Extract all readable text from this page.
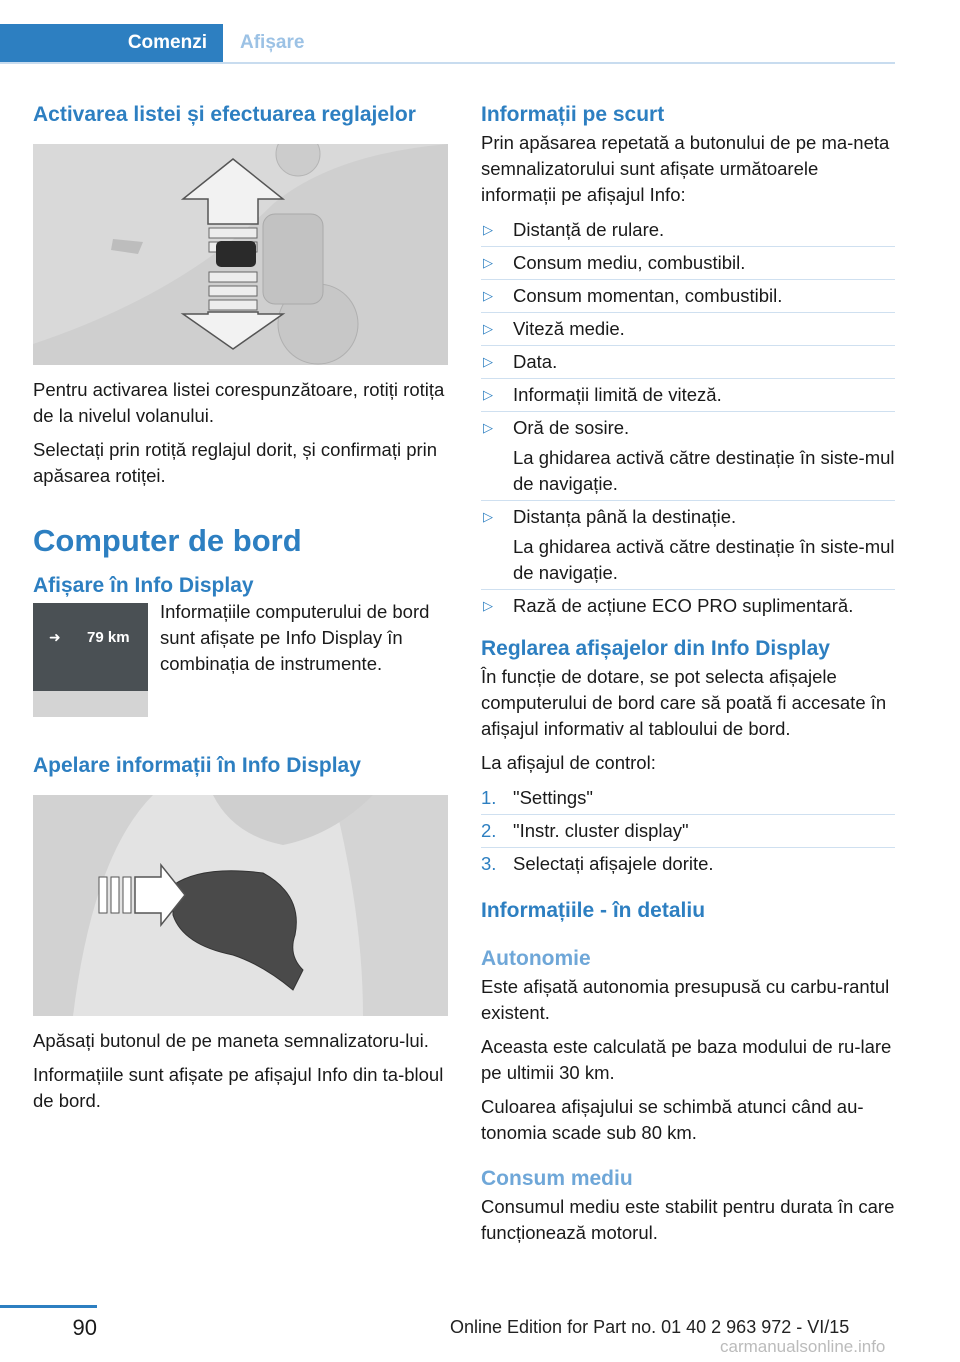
Comenzi Afișare
Activarea listei și efectuarea reglajelor

Pentru activarea listei corespunzătoare, rotiți rotița de la nivelul volanului.

Selectați prin rotiță reglajul dorit, și confirmați prin apăsarea rotiței.

Computer de bord
Afișare în Info Display
➜ 79 km

Informațiile computerului de bord sunt afișate pe Info Display în combinația de instrumente.

Apelare informații în Info Display

Apăsați butonul de pe maneta semnalizatoru-lui.

Informațiile sunt afișate pe afișajul Info din ta-bloul de bord.

Informații pe scurt

Prin apăsarea repetată a butonului de pe ma-neta semnalizatorului sunt afișate următoarele informații pe afișajul Info:

▷ Distanță de rulare.
▷ Consum mediu, combustibil.
▷ Consum momentan, combustibil.
▷ Viteză medie.
▷ Data.
▷ Informații limită de viteză.
▷ Oră de sosire.
La ghidarea activă către destinație în siste-mul de navigație.
▷ Distanța până la destinație.
La ghidarea activă către destinație în siste-mul de navigație.
▷ Rază de acțiune ECO PRO suplimentară.
Reglarea afișajelor din Info Display

În funcție de dotare, se pot selecta afișajele computerului de bord care să poată fi accesate în afișajul informativ al tabloului de bord.

La afișajul de control:

1. "Settings"
2. "Instr. cluster display"
3. Selectați afișajele dorite.
Informațiile - în detaliu
Autonomie

Este afișată autonomia presupusă cu carbu-rantul existent.

Aceasta este calculată pe baza modului de ru-lare pe ultimii 30 km.

Culoarea afișajului se schimbă atunci când au-tonomia scade sub 80 km.

Consum mediu

Consumul mediu este stabilit pentru durata în care funcționează motorul.

90	Online Edition for Part no. 01 40 2 963 972 - VI/15
carmanualsonline.info
